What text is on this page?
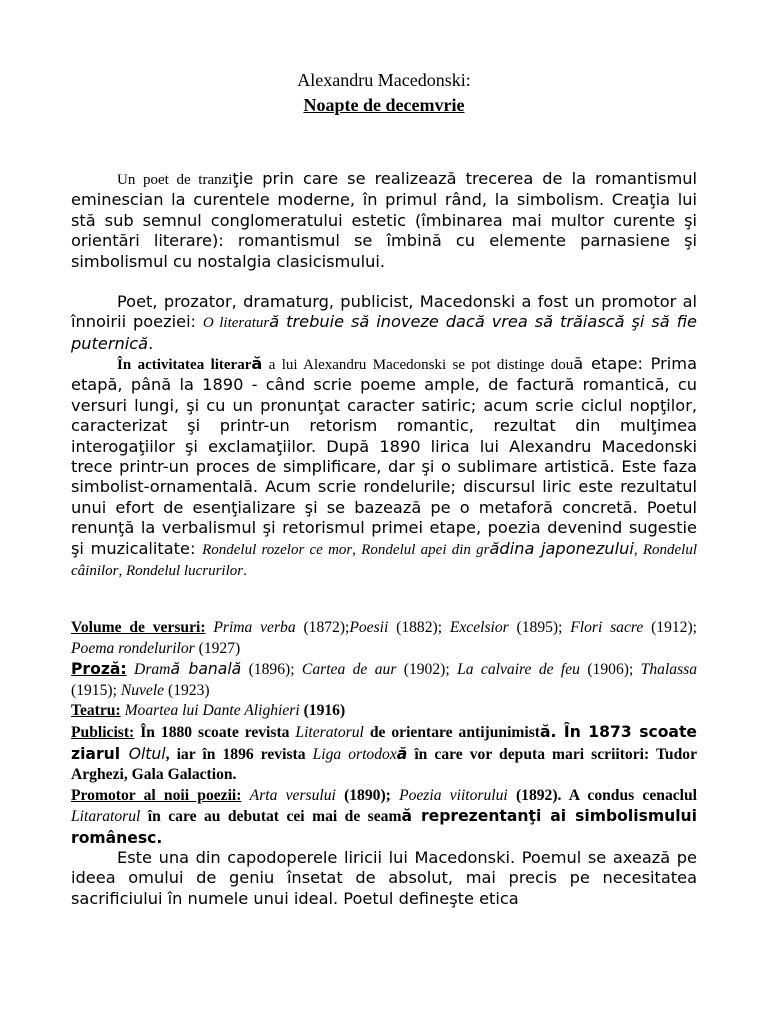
Alexandru Macedonski:
Noapte de decemvrie
Un poet de tranziţie prin care se realizează trecerea de la romantismul eminescian la curentele moderne, în primul rând, la simbolism. Creaţia lui stă sub semnul conglomeratului estetic (îmbinarea mai multor curente şi orientări literare): romantismul se îmbină cu elemente parnasiene şi simbolismul cu nostalgia clasicismului.
Poet, prozator, dramaturg, publicist, Macedonski a fost un promotor al înnoirii poeziei: O literatură trebuie să inoveze dacă vrea să trăiască şi să fie puternică.
În activitatea literară a lui Alexandru Macedonski se pot distinge două etape: Prima etapă, până la 1890 - când scrie poeme ample, de factură romantică, cu versuri lungi, şi cu un pronunţat caracter satiric; acum scrie ciclul nopţilor, caracterizat şi printr-un retorism romantic, rezultat din mulţimea interogaţiilor şi exclamaţiilor. După 1890 lirica lui Alexandru Macedonski trece printr-un proces de simplificare, dar şi o sublimare artistică. Este faza simbolist-ornamentală. Acum scrie rondelurile; discursul liric este rezultatul unui efort de esenţializare şi se bazează pe o metaforă concretă. Poetul renunţă la verbalismul şi retorismul primei etape, poezia devenind sugestie şi muzicalitate: Rondelul rozelor ce mor, Rondelul apei din grădina japonezului, Rondelul câinilor, Rondelul lucrurilor.
Volume de versuri: Prima verba (1872);Poesii (1882); Excelsior (1895); Flori sacre (1912); Poema rondelurilor (1927)
Proză: Dramă banală (1896); Cartea de aur (1902); La calvaire de feu (1906); Thalassa (1915); Nuvele (1923)
Teatru: Moartea lui Dante Alighieri (1916)
Publicist: În 1880 scoate revista Literatorul de orientare antijunimistă. În 1873 scoate ziarul Oltul, iar în 1896 revista Liga ortodoxă în care vor deputa mari scriitori: Tudor Arghezi, Gala Galaction.
Promotor al noii poezii: Arta versului (1890); Poezia viitorului (1892). A condus cenaclul Litaratorul în care au debutat cei mai de seamă reprezentanţi ai simbolismului românesc.
Este una din capodoperele liricii lui Macedonski. Poemul se axează pe ideea omului de geniu însetat de absolut, mai precis pe necesitatea sacrificiului în numele unui ideal. Poetul defineşte etica
